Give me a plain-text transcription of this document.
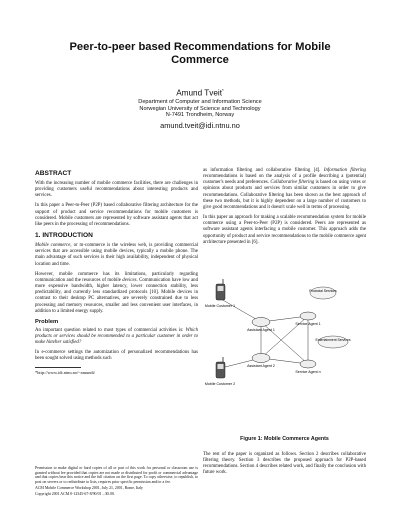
Peer-to-peer based Recommendations for Mobile
Commerce
Amund Tveit*
Department of Computer and Information Science
Norwegian University of Science and Technology
N-7491 Trondheim, Norway
amund.tveit@idi.ntnu.no
ABSTRACT

With the increasing number of mobile commerce facilities, there are challenges in providing customers useful recommendations about interesting products and services.

In this paper a Peer-to-Peer (P2P) based collaborative filtering architecture for the support of product and service recommendations for mobile customers is considered. Mobile customers are represented by software assistant agents that act like peers in the processing of recommendations.

1. INTRODUCTION

Mobile commerce, or m-commerce is the wireless web, is providing commercial services that are accessible using mobile devices, typically a mobile phone. The main advantage of such services is their high availability, independent of physical location and time.

However, mobile commerce has its limitations, particularly regarding communication and the resources of mobile devices. Communication have low and more expensive bandwidth, higher latency, lower connection stability, less predictability, and currently less standardized protocols [10]. Mobile devices in contrast to their desktop PC alternatives, are severely constrained due to less processing and memory resources, smaller and less convenient user interfaces, in addition to a limited energy supply.

Problem

An important question related to most types of commercial activities is: Which products or services should be recommended to a particular customer in order to make him/her satisfied?

In e-commerce settings the automization of personalized recommendations has been sought solved using methods such

*http://www.idi.ntnu.no/~amundt/

Permission to make digital or hard copies of all or part of this work for personal or classroom use is granted without fee provided that copies are not made or distributed for profit or commercial advantage and that copies bear this notice and the full citation on the first page. To copy otherwise, to republish, to post on servers or to redistribute to lists, requires prior specific permission and/or a fee.

ACM Mobile Commerce Workshop 2001, July 21, 2001, Rome, Italy

Copyright 2001 ACM 0-12345-67-8/90/01 ...$5.00.

as information filtering and collaborative filtering [4]. Information filtering recommendations is based on the analysis of a profile describing a (potential) customer's needs and preferences. Collaborative filtering is based on using votes or opinions about products and services from similar customers in order to give recommendations. Collaborative filtering has been shown as the best approach of these two methods, but it is highly dependent on a large number of customers to give good recommendations and it doesn't scale well in terms of processing.

In this paper an approach for making a scalable recommendation system for mobile commerce using a Peer-to-Peer (P2P) is considered. Peers are represented as software assistant agents interfacing a mobile customer. This approach adds the opportunity of product and service recommendations to the mobile commerce agent architecture presented in [6].

Mobile Customer 1
Mobile Customer 2
Assistant Agent 1
Assistant Agent 2
Financial Services
Service Agent 1
Entertainment Services
Service Agent n
Figure 1: Mobile Commerce Agents

The rest of the paper is organized as follows. Section 2 describes collaborative filtering theory. Section 3 describes the proposed approach for P2P-based recommendations. Section 4 describes related work, and finally the conclusion with future work.
